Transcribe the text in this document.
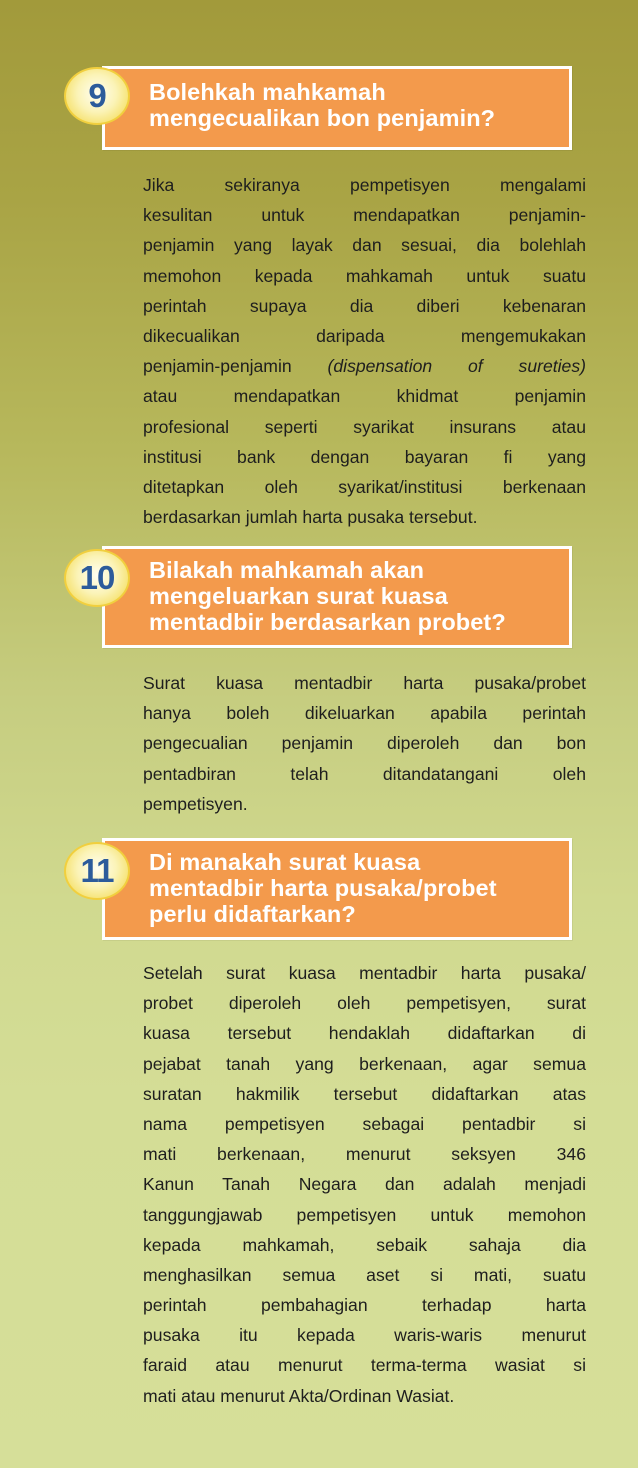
Bolehkah mahkamah
mengecualikan bon penjamin?
9
Jika sekiranya pempetisyen mengalami
kesulitan untuk mendapatkan penjamin-
penjamin yang layak dan sesuai, dia bolehlah
memohon kepada mahkamah untuk suatu
perintah supaya dia diberi kebenaran
dikecualikan daripada mengemukakan
penjamin-penjamin (dispensation of sureties)
atau mendapatkan khidmat penjamin
profesional seperti syarikat insurans atau
institusi bank dengan bayaran fi yang
ditetapkan oleh syarikat/institusi berkenaan
berdasarkan jumlah harta pusaka tersebut.
Bilakah mahkamah akan
mengeluarkan surat kuasa
mentadbir berdasarkan probet?
10
Surat kuasa mentadbir harta pusaka/probet
hanya boleh dikeluarkan apabila perintah
pengecualian penjamin diperoleh dan bon
pentadbiran telah ditandatangani oleh
pempetisyen.
Di manakah surat kuasa
mentadbir harta pusaka/probet
perlu didaftarkan?
11
Setelah surat kuasa mentadbir harta pusaka/
probet diperoleh oleh pempetisyen, surat
kuasa tersebut hendaklah didaftarkan di
pejabat tanah yang berkenaan, agar semua
suratan hakmilik tersebut didaftarkan atas
nama pempetisyen sebagai pentadbir si
mati berkenaan, menurut seksyen 346
Kanun Tanah Negara dan adalah menjadi
tanggungjawab pempetisyen untuk memohon
kepada mahkamah, sebaik sahaja dia
menghasilkan semua aset si mati, suatu
perintah pembahagian terhadap harta
pusaka itu kepada waris-waris menurut
faraid atau menurut terma-terma wasiat si
mati atau menurut Akta/Ordinan Wasiat.
